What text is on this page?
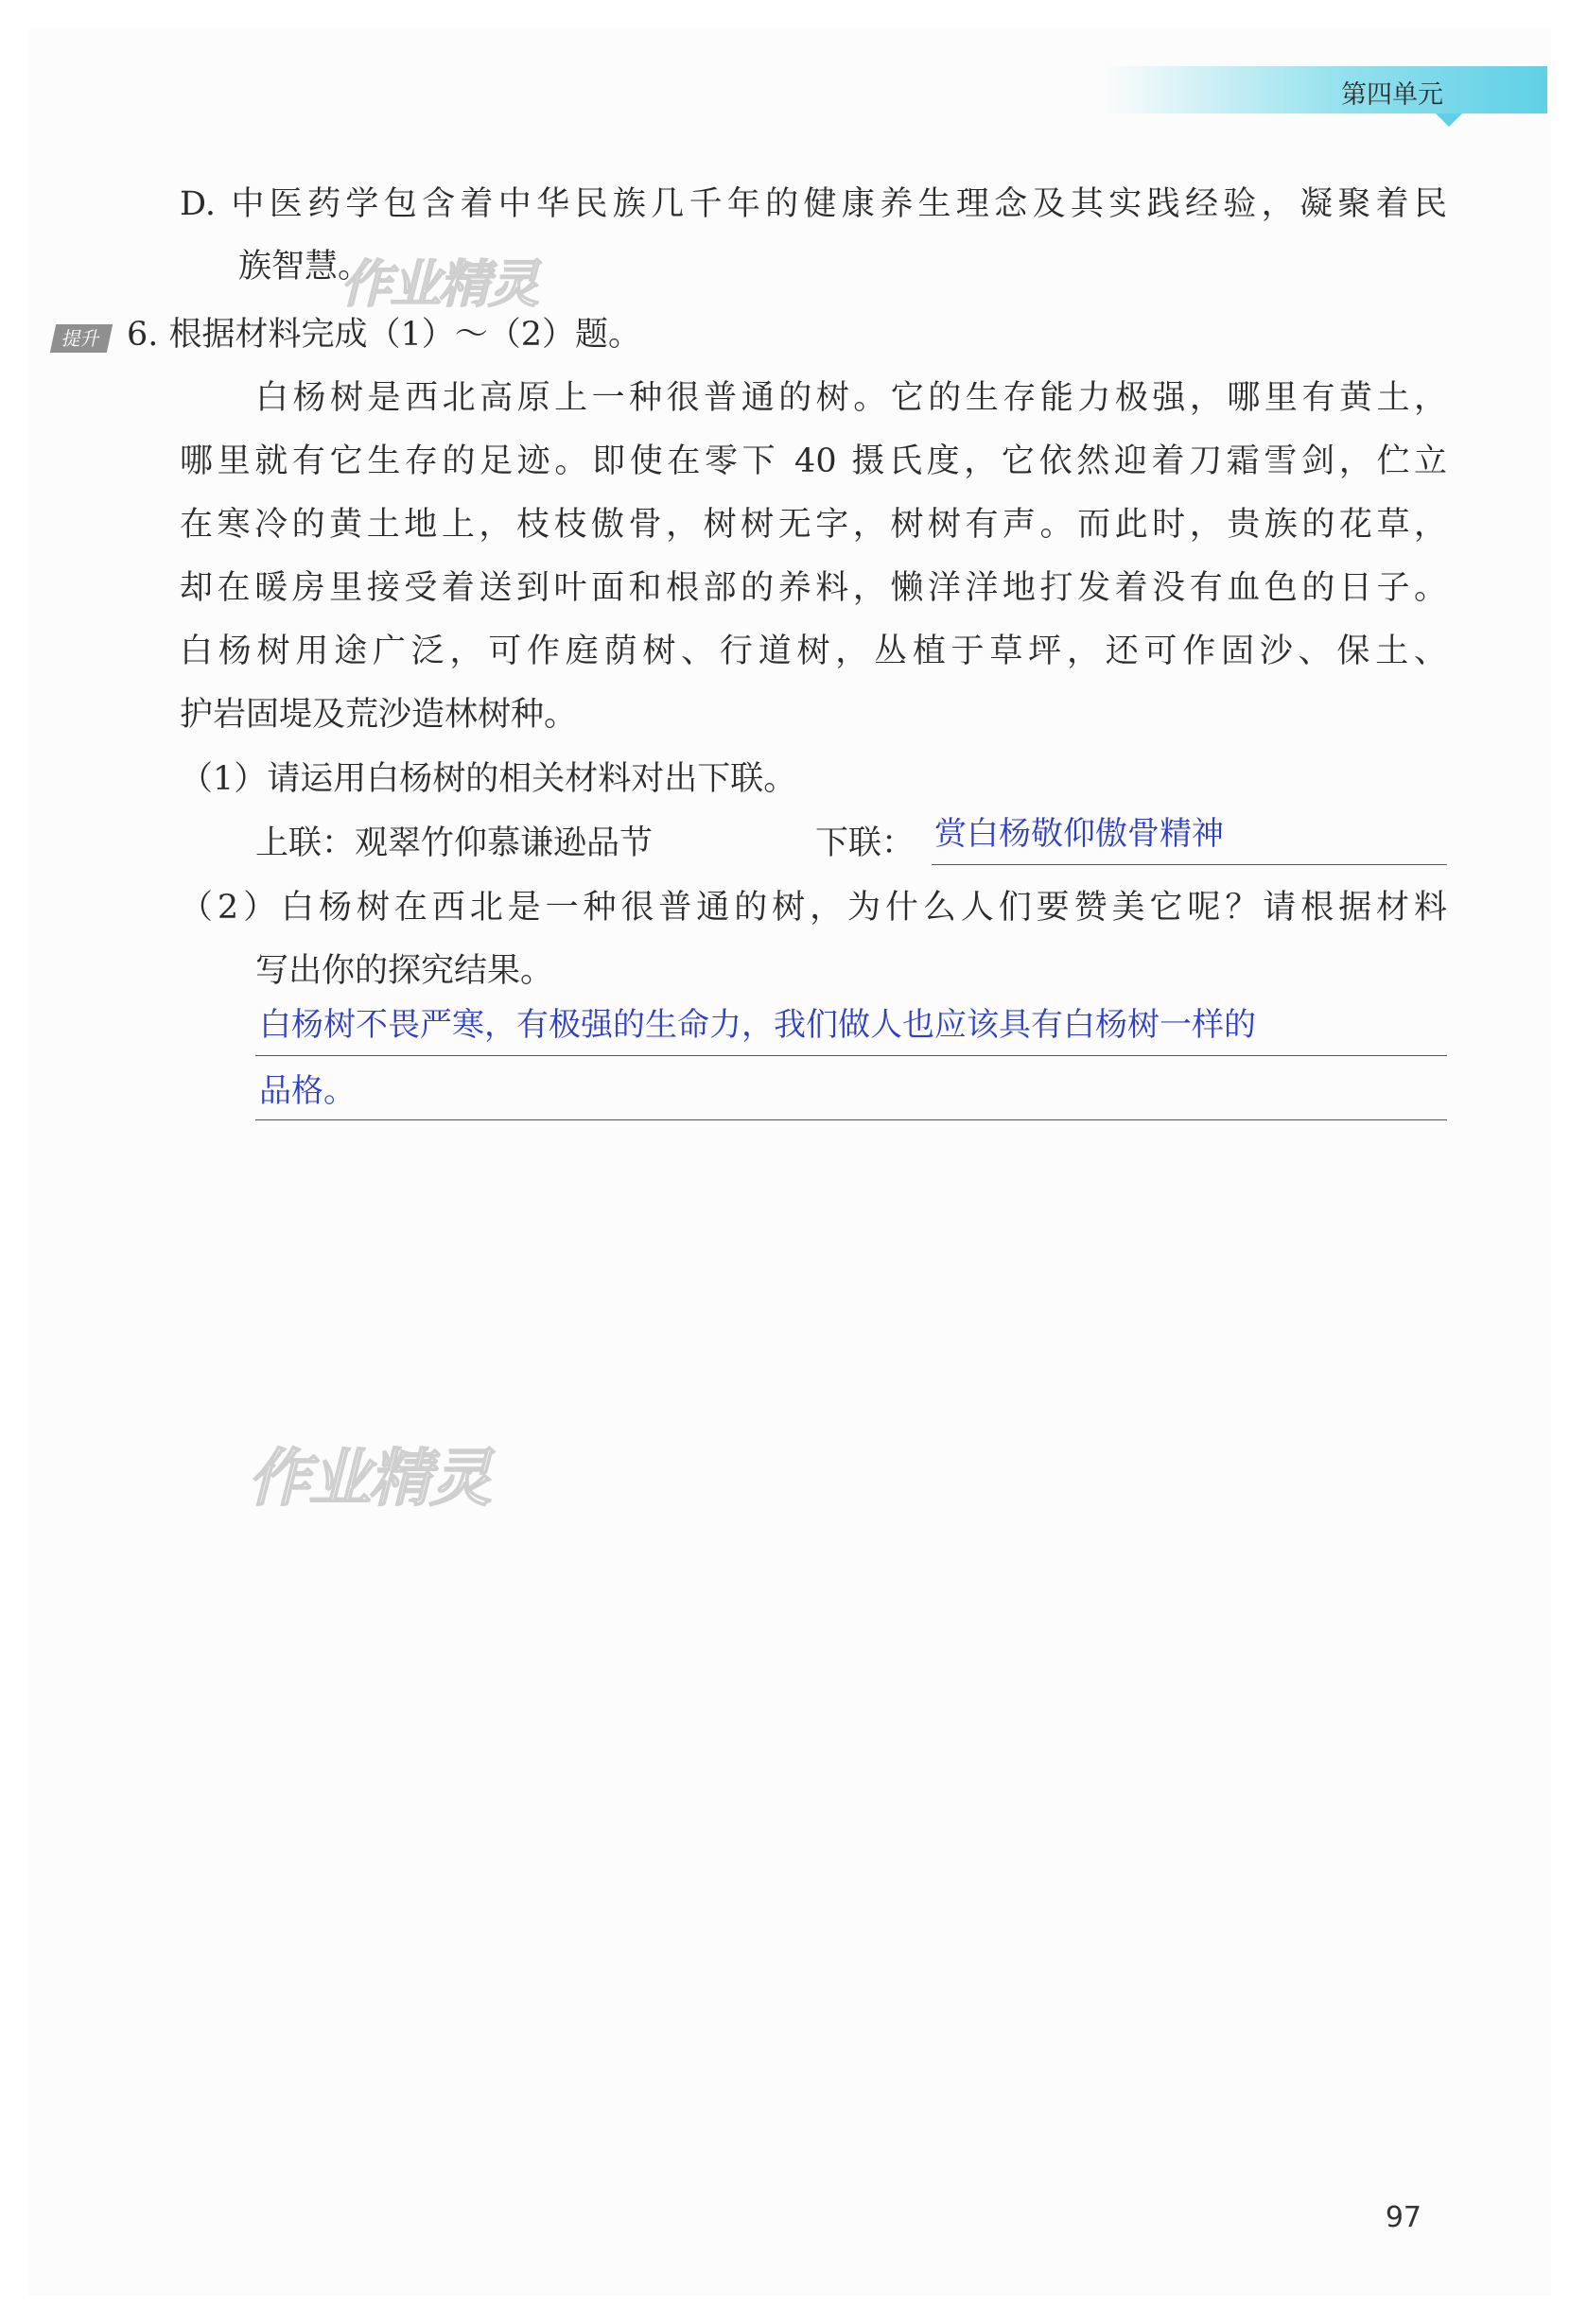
第四单元
D. 中医药学包含着中华民族几千年的健康养生理念及其实践经验，凝聚着民
族智慧。
提升 6. 根据材料完成（1）～（2）题。
白杨树是西北高原上一种很普通的树。它的生存能力极强，哪里有黄土，
哪里就有它生存的足迹。即使在零下 40 摄氏度，它依然迎着刀霜雪剑，伫立
在寒冷的黄土地上，枝枝傲骨，树树无字，树树有声。而此时，贵族的花草，
却在暖房里接受着送到叶面和根部的养料，懒洋洋地打发着没有血色的日子。
白杨树用途广泛，可作庭荫树、行道树，丛植于草坪，还可作固沙、保土、
护岩固堤及荒沙造林树种。
（1）请运用白杨树的相关材料对出下联。
上联：观翠竹仰慕谦逊品节	下联： 赏白杨敬仰傲骨精神
（2）白杨树在西北是一种很普通的树，为什么人们要赞美它呢？请根据材料
写出你的探究结果。
白杨树不畏严寒，有极强的生命力，我们做人也应该具有白杨树一样的
品格。
作业精灵
作业精灵
97
